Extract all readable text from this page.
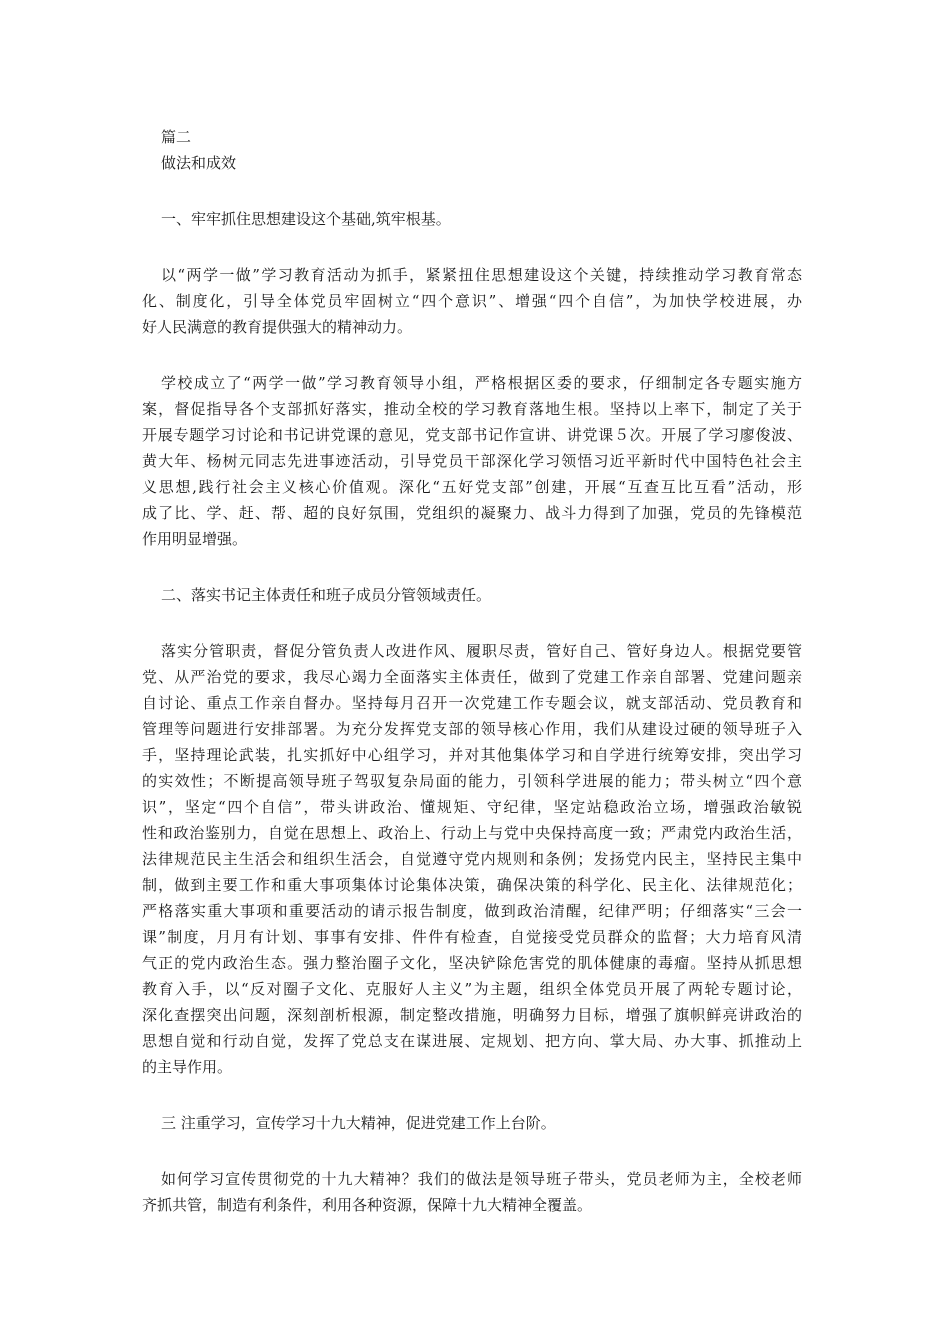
篇二

做法和成效

一、牢牢抓住思想建设这个基础,筑牢根基。

以“两学一做”学习教育活动为抓手，紧紧扭住思想建设这个关键，持续推动学习教育常态

化、制度化，引导全体党员牢固树立“四个意识”、增强“四个自信”，为加快学校进展，办

好人民满意的教育提供强大的精神动力。

学校成立了“两学一做”学习教育领导小组，严格根据区委的要求，仔细制定各专题实施方

案，督促指导各个支部抓好落实，推动全校的学习教育落地生根。坚持以上率下，制定了关于

开展专题学习讨论和书记讲党课的意见，党支部书记作宣讲、讲党课５次。开展了学习廖俊波、

黄大年、杨树元同志先进事迹活动，引导党员干部深化学习领悟习近平新时代中国特色社会主

义思想,践行社会主义核心价值观。深化“五好党支部”创建，开展“互查互比互看”活动，形

成了比、学、赶、帮、超的良好氛围，党组织的凝聚力、战斗力得到了加强，党员的先锋模范

作用明显增强。

二、落实书记主体责任和班子成员分管领域责任。

落实分管职责，督促分管负责人改进作风、履职尽责，管好自己、管好身边人。根据党要管

党、从严治党的要求，我尽心竭力全面落实主体责任，做到了党建工作亲自部署、党建问题亲

自讨论、重点工作亲自督办。坚持每月召开一次党建工作专题会议，就支部活动、党员教育和

管理等问题进行安排部署。为充分发挥党支部的领导核心作用，我们从建设过硬的领导班子入

手，坚持理论武装，扎实抓好中心组学习，并对其他集体学习和自学进行统筹安排，突出学习

的实效性；不断提高领导班子驾驭复杂局面的能力，引领科学进展的能力；带头树立“四个意

识”，坚定“四个自信”，带头讲政治、懂规矩、守纪律，坚定站稳政治立场，增强政治敏锐

性和政治鉴别力，自觉在思想上、政治上、行动上与党中央保持高度一致；严肃党内政治生活，

法律规范民主生活会和组织生活会，自觉遵守党内规则和条例；发扬党内民主，坚持民主集中

制，做到主要工作和重大事项集体讨论集体决策，确保决策的科学化、民主化、法律规范化；

严格落实重大事项和重要活动的请示报告制度，做到政治清醒，纪律严明；仔细落实“三会一

课”制度，月月有计划、事事有安排、件件有检查，自觉接受党员群众的监督；大力培育风清

气正的党内政治生态。强力整治圈子文化，坚决铲除危害党的肌体健康的毒瘤。坚持从抓思想

教育入手，以“反对圈子文化、克服好人主义”为主题，组织全体党员开展了两轮专题讨论，

深化查摆突出问题，深刻剖析根源，制定整改措施，明确努力目标，增强了旗帜鲜亮讲政治的

思想自觉和行动自觉，发挥了党总支在谋进展、定规划、把方向、掌大局、办大事、抓推动上

的主导作用。

三 注重学习，宣传学习十九大精神，促进党建工作上台阶。

如何学习宣传贯彻党的十九大精神？我们的做法是领导班子带头，党员老师为主，全校老师

齐抓共管，制造有利条件，利用各种资源，保障十九大精神全覆盖。
